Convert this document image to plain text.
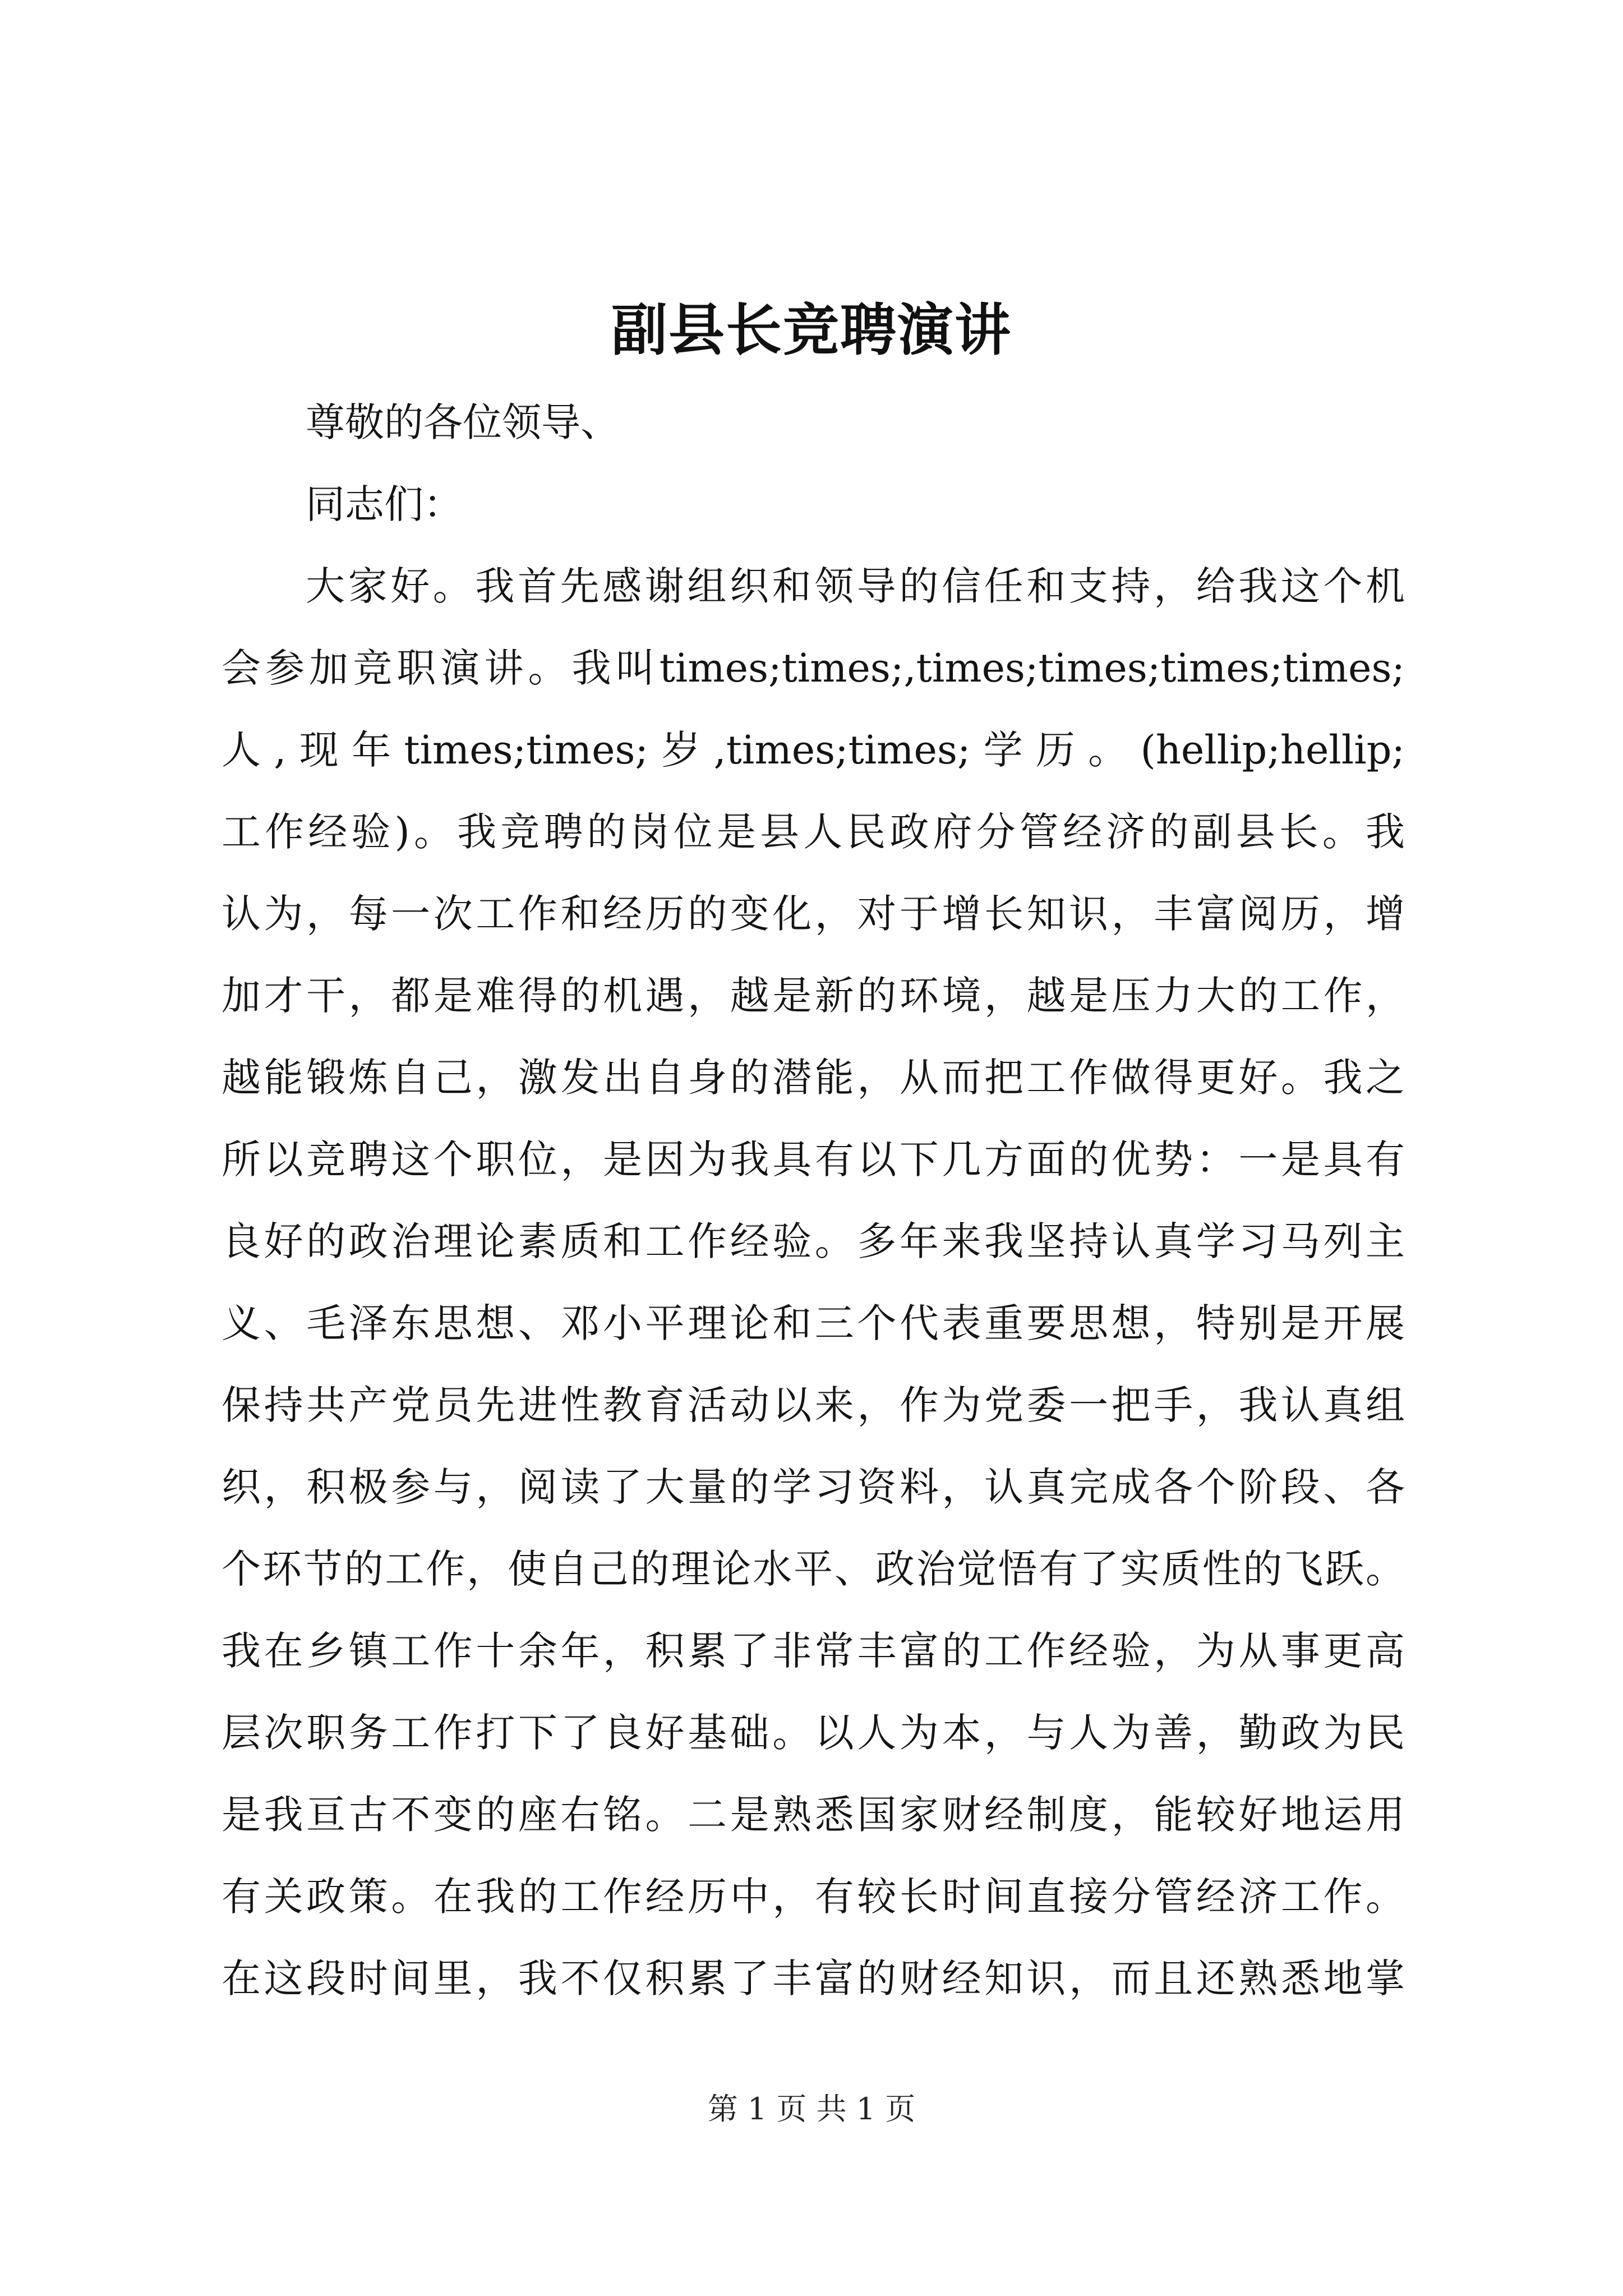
副县长竞聘演讲
尊敬的各位领导、
同志们：
大家好。我首先感谢组织和领导的信任和支持，给我这个机
会参加竞职演讲。我叫times;times;,times;times;times;times;
人,现年times;times;岁,times;times;学历。(hellip;hellip;
工作经验)。我竞聘的岗位是县人民政府分管经济的副县长。我
认为，每一次工作和经历的变化，对于增长知识，丰富阅历，增
加才干，都是难得的机遇，越是新的环境，越是压力大的工作，
越能锻炼自己，激发出自身的潜能，从而把工作做得更好。我之
所以竞聘这个职位，是因为我具有以下几方面的优势：一是具有
良好的政治理论素质和工作经验。多年来我坚持认真学习马列主
义、毛泽东思想、邓小平理论和三个代表重要思想，特别是开展
保持共产党员先进性教育活动以来，作为党委一把手，我认真组
织，积极参与，阅读了大量的学习资料，认真完成各个阶段、各
个环节的工作，使自己的理论水平、政治觉悟有了实质性的飞跃。
我在乡镇工作十余年，积累了非常丰富的工作经验，为从事更高
层次职务工作打下了良好基础。以人为本，与人为善，勤政为民
是我亘古不变的座右铭。二是熟悉国家财经制度，能较好地运用
有关政策。在我的工作经历中，有较长时间直接分管经济工作。
在这段时间里，我不仅积累了丰富的财经知识，而且还熟悉地掌
第 1 页 共 1 页
